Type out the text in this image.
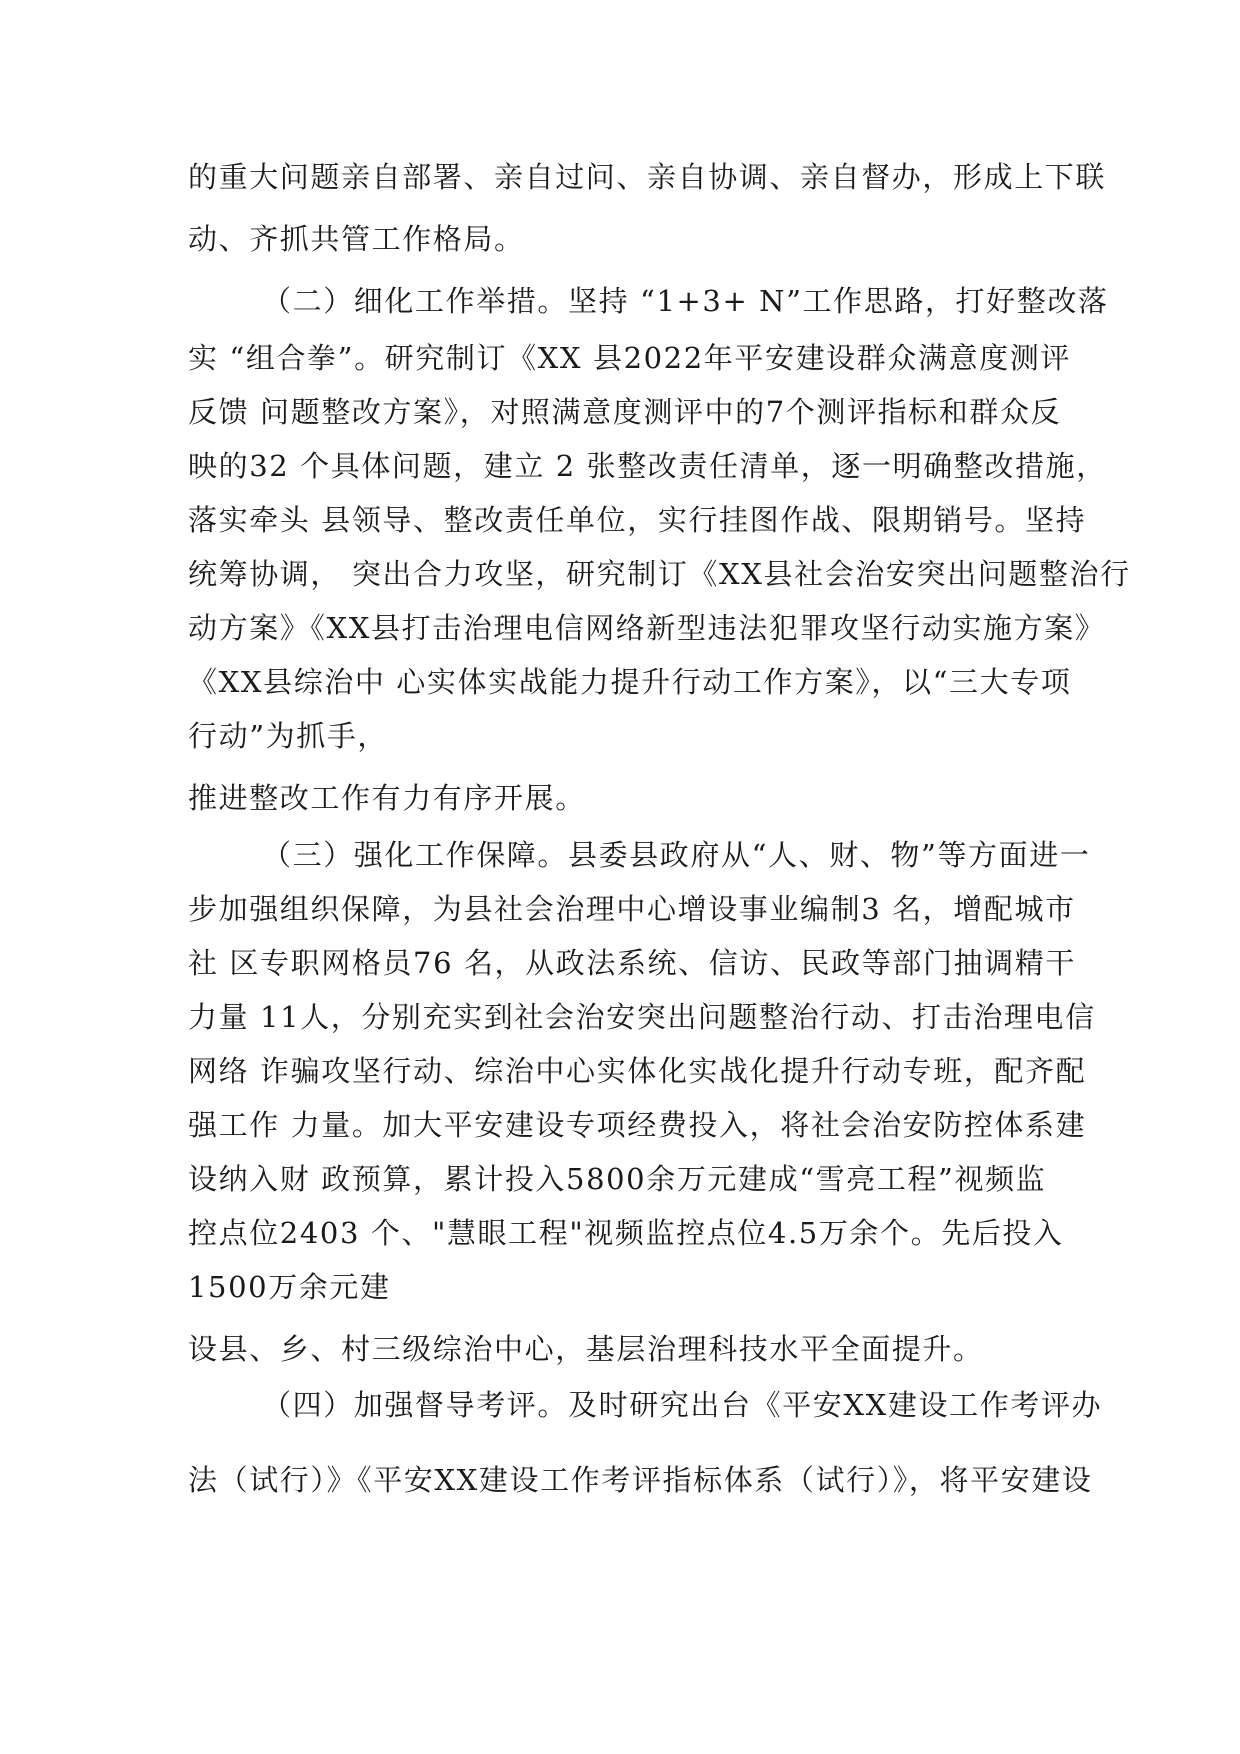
的重大问题亲自部署、亲自过问、亲自协调、亲自督办，形成上下联
动、齐抓共管工作格局。
（二）细化工作举措。坚持 “1+3+ N”工作思路，打好整改落
实 “组合拳”。研究制订《XX 县2022年平安建设群众满意度测评
反馈 问题整改方案》，对照满意度测评中的7个测评指标和群众反
映的32 个具体问题，建立 2 张整改责任清单，逐一明确整改措施，
落实牵头 县领导、整改责任单位，实行挂图作战、限期销号。坚持
统筹协调， 突出合力攻坚，研究制订《XX县社会治安突出问题整治行
动方案》《XX县打击治理电信网络新型违法犯罪攻坚行动实施方案》
《XX县综治中 心实体实战能力提升行动工作方案》，以“三大专项
行动”为抓手，
推进整改工作有力有序开展。
（三）强化工作保障。县委县政府从“人、财、物”等方面进一
步加强组织保障，为县社会治理中心增设事业编制3 名，增配城市
社 区专职网格员76 名，从政法系统、信访、民政等部门抽调精干
力量 11人，分别充实到社会治安突出问题整治行动、打击治理电信
网络 诈骗攻坚行动、综治中心实体化实战化提升行动专班，配齐配
强工作 力量。加大平安建设专项经费投入，将社会治安防控体系建
设纳入财 政预算，累计投入5800余万元建成“雪亮工程”视频监
控点位2403 个、"慧眼工程"视频监控点位4.5万余个。先后投入
1500万余元建
设县、乡、村三级综治中心，基层治理科技水平全面提升。
（四）加强督导考评。及时研究出台《平安XX建设工作考评办
法（试行）》《平安XX建设工作考评指标体系（试行）》，将平安建设
